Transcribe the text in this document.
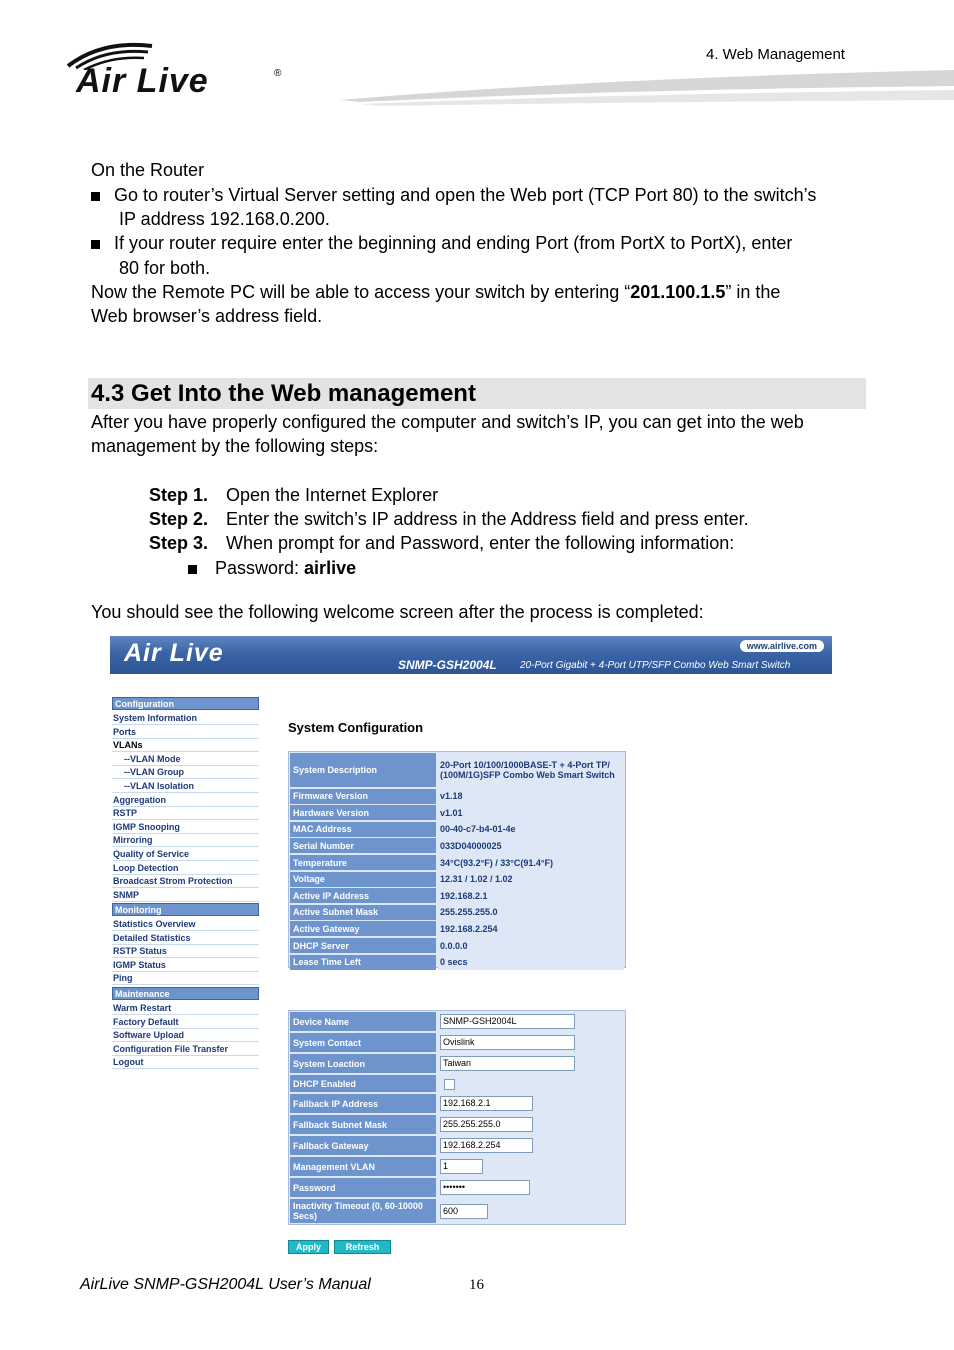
Air Live	®
4. Web Management
On the Router
Go to router’s Virtual Server setting and open the Web port (TCP Port 80) to the switch’s
IP address 192.168.0.200.
If your router require enter the beginning and ending Port (from PortX to PortX), enter
80 for both.
Now the Remote PC will be able to access your switch by entering “201.100.1.5” in the
Web browser’s address field.
4.3 Get Into the Web management
After you have properly configured the computer and switch’s IP, you can get into the web
management by the following steps:
Step 1. Open the Internet Explorer
Step 2. Enter the switch’s IP address in the Address field and press enter.
Step 3. When prompt for and Password, enter the following information:
Password: airlive
You should see the following welcome screen after the process is completed:
Air Live	www.airlive.com
SNMP-GSH2004L 20-Port Gigabit + 4-Port UTP/SFP Combo Web Smart Switch
Configuration
System Information
Ports
VLANs
--VLAN Mode
--VLAN Group
--VLAN Isolation
Aggregation
RSTP
IGMP Snooping
Mirroring
Quality of Service
Loop Detection
Broadcast Strom Protection
SNMP
Monitoring
Statistics Overview
Detailed Statistics
RSTP Status
IGMP Status
Ping
Maintenance
Warm Restart
Factory Default
Software Upload
Configuration File Transfer
Logout
System Configuration
System Description	20-Port 10/100/1000BASE-T + 4-Port TP/ (100M/1G)SFP Combo Web Smart Switch
Firmware Version	v1.18
Hardware Version	v1.01
MAC Address	00-40-c7-b4-01-4e
Serial Number	033D04000025
Temperature	34°C(93.2°F) / 33°C(91.4°F)
Voltage	12.31 / 1.02 / 1.02
Active IP Address	192.168.2.1
Active Subnet Mask	255.255.255.0
Active Gateway	192.168.2.254
DHCP Server	0.0.0.0
Lease Time Left	0 secs
Device Name	SNMP-GSH2004L
System Contact	Ovislink
System Loaction	Taiwan
DHCP Enabled
Fallback IP Address	192.168.2.1
Fallback Subnet Mask	255.255.255.0
Fallback Gateway	192.168.2.254
Management VLAN	1
Password	•••••••
Inactivity Timeout (0, 60-10000 Secs)	600
Apply	Refresh
AirLive SNMP-GSH2004L User’s Manual	16
